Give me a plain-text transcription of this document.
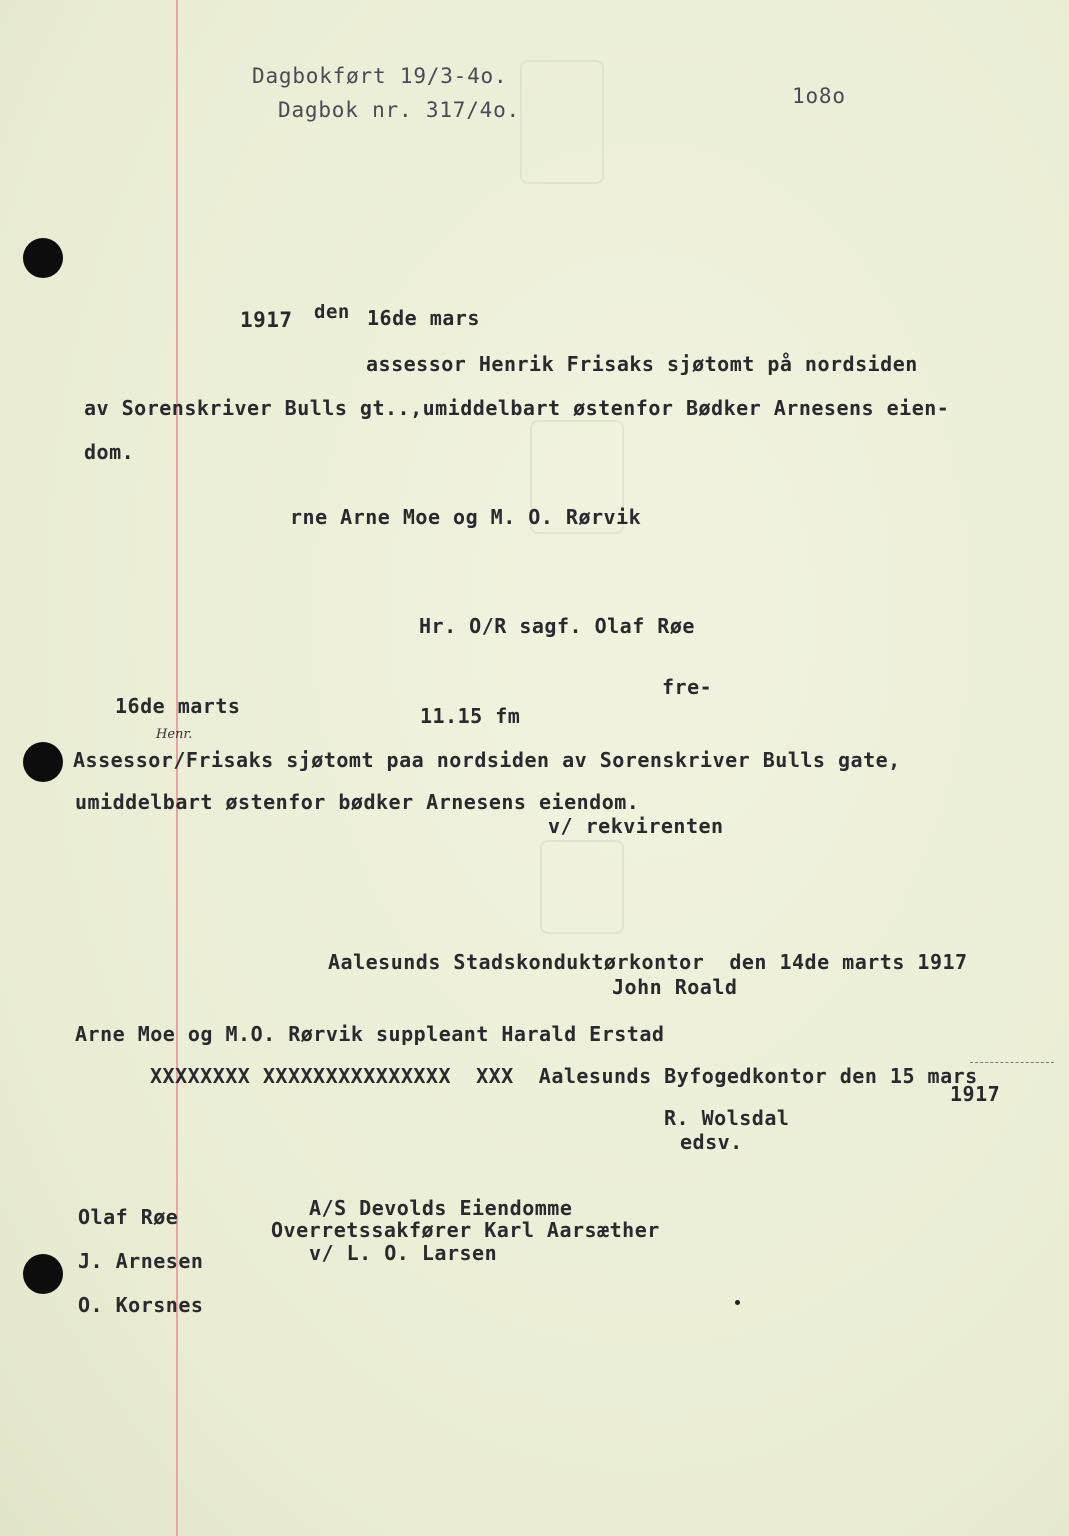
Dagbokført 19/3-4o.
Dagbok nr. 317/4o.
1o8o
1917 den 16de mars
assessor Henrik Frisaks sjøtomt på nordsiden
av Sorenskriver Bulls gt..,umiddelbart østenfor Bødker Arnesens eien-
dom.
rne Arne Moe og M. O. Rørvik
Hr. O/R sagf. Olaf Røe
fre-
16de marts	11.15 fm
Henr.
Assessor/Frisaks sjøtomt paa nordsiden av Sorenskriver Bulls gate,
umiddelbart østenfor bødker Arnesens eiendom.
v/ rekvirenten
Aalesunds Stadskonduktørkontor  den 14de marts 1917
John Roald
Arne Moe og M.O. Rørvik suppleant Harald Erstad
XXXXXXXX XXXXXXXXXXXXXXX  XXX  Aalesunds Byfogedkontor den 15 mars
1917
R. Wolsdal
edsv.
Olaf Røe
J. Arnesen
O. Korsnes
A/S Devolds Eiendomme
Overretssakfører Karl Aarsæther
v/ L. O. Larsen
